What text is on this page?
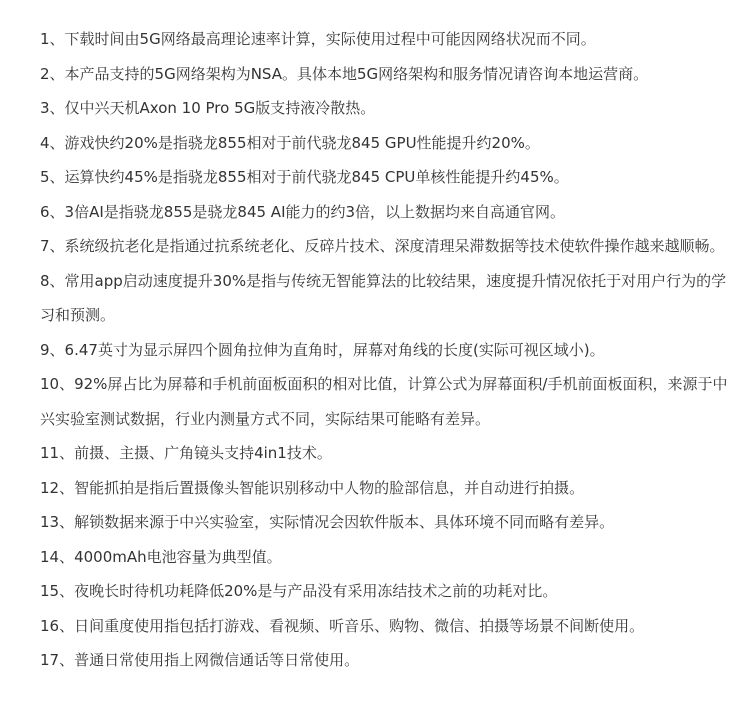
1、下载时间由5G网络最高理论速率计算，实际使用过程中可能因网络状况而不同。

2、本产品支持的5G网络架构为NSA。具体本地5G网络架构和服务情况请咨询本地运营商。

3、仅中兴天机Axon 10 Pro 5G版支持液冷散热。

4、游戏快约20%是指骁龙855相对于前代骁龙845 GPU性能提升约20%。

5、运算快约45%是指骁龙855相对于前代骁龙845 CPU单核性能提升约45%。

6、3倍AI是指骁龙855是骁龙845 AI能力的约3倍，以上数据均来自高通官网。

7、系统级抗老化是指通过抗系统老化、反碎片技术、深度清理呆滞数据等技术使软件操作越来越顺畅。

8、常用app启动速度提升30%是指与传统无智能算法的比较结果，速度提升情况依托于对用户行为的学习和预测。

9、6.47英寸为显示屏四个圆角拉伸为直角时，屏幕对角线的长度(实际可视区域小)。

10、92%屏占比为屏幕和手机前面板面积的相对比值，计算公式为屏幕面积/手机前面板面积，来源于中兴实验室测试数据，行业内测量方式不同，实际结果可能略有差异。

11、前摄、主摄、广角镜头支持4in1技术。

12、智能抓拍是指后置摄像头智能识别移动中人物的脸部信息，并自动进行拍摄。

13、解锁数据来源于中兴实验室，实际情况会因软件版本、具体环境不同而略有差异。

14、4000mAh电池容量为典型值。

15、夜晚长时待机功耗降低20%是与产品没有采用冻结技术之前的功耗对比。

16、日间重度使用指包括打游戏、看视频、听音乐、购物、微信、拍摄等场景不间断使用。

17、普通日常使用指上网微信通话等日常使用。
